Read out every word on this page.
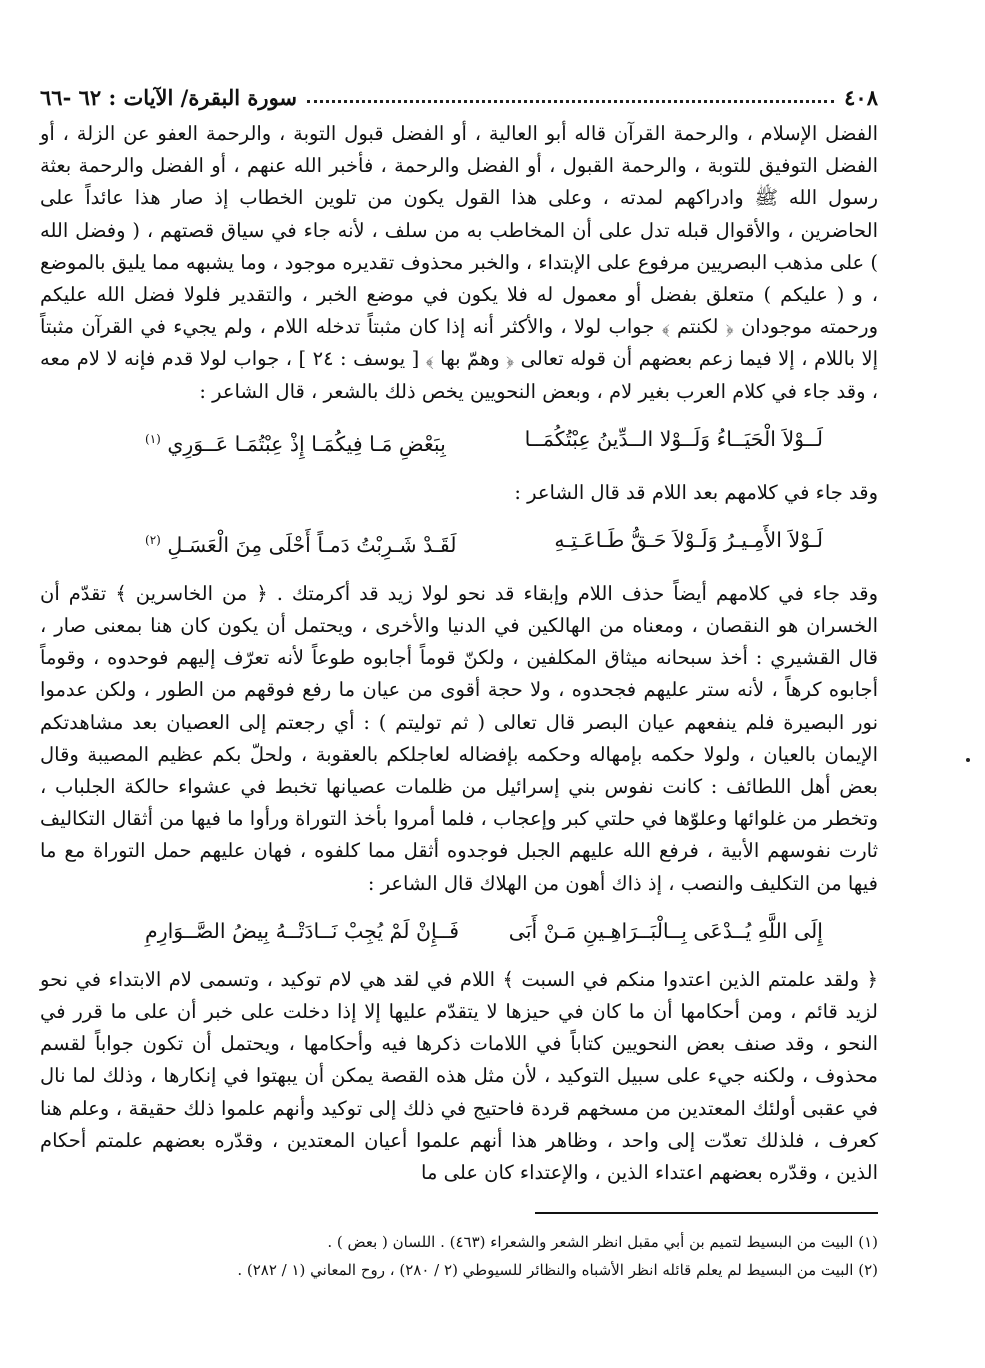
٤٠٨
سورة البقرة/ الآيات : ٦٢ -٦٦

الفضل الإسلام ، والرحمة القرآن قاله أبو العالية ، أو الفضل قبول التوبة ، والرحمة العفو عن الزلة ، أو الفضل التوفيق للتوبة ، والرحمة القبول ، أو الفضل والرحمة ، فأخبر الله عنهم ، أو الفضل والرحمة بعثة رسول الله ﷺ وادراكهم لمدته ، وعلى هذا القول يكون من تلوين الخطاب إذ صار هذا عائداً على الحاضرين ، والأقوال قبله تدل على أن المخاطب به من سلف ، لأنه جاء في سياق قصتهم ، ( وفضل الله ) على مذهب البصريين مرفوع على الإبتداء ، والخبر محذوف تقديره موجود ، وما يشبهه مما يليق بالموضع ، و ( عليكم ) متعلق بفضل أو معمول له فلا يكون في موضع الخبر ، والتقدير فلولا فضل الله عليكم ورحمته موجودان ﴿ لكنتم ﴾ جواب لولا ، والأكثر أنه إذا كان مثبتاً تدخله اللام ، ولم يجيء في القرآن مثبتاً إلا باللام ، إلا فيما زعم بعضهم أن قوله تعالى ﴿ وهمّ بها ﴾ [ يوسف : ٢٤ ] ، جواب لولا قدم فإنه لا لام معه ، وقد جاء في كلام العرب بغير لام ، وبعض النحويين يخص ذلك بالشعر ، قال الشاعر :

لَــوْلاَ الْحَيَــاءُ وَلَــوْلا الــدِّينُ عِبْتُكُمَــا
بِبَعْضِ مَـا فِيكُمَـا إِذْ عِبْتُمَـا عَــوَرِي $^{(١)}$

وقد جاء في كلامهم بعد اللام قد قال الشاعر :

لَـوْلاَ الأَمِـيـرُ وَلَـوْلاَ حَـقُّ طَـاعَـتِـهِ
لَقَـدْ شَـرِبْتُ دَمـاً أَحْلَى مِنَ الْعَسَـلِ $^{(٢)}$

وقد جاء في كلامهم أيضاً حذف اللام وإبقاء قد نحو لولا زيد قد أكرمتك . ﴿ من الخاسرين ﴾ تقدّم أن الخسران هو النقصان ، ومعناه من الهالكين في الدنيا والأخرى ، ويحتمل أن يكون كان هنا بمعنى صار ، قال القشيري : أخذ سبحانه ميثاق المكلفين ، ولكنّ قوماً أجابوه طوعاً لأنه تعرّف إليهم فوحدوه ، وقوماً أجابوه كرهاً ، لأنه ستر عليهم فجحدوه ، ولا حجة أقوى من عيان ما رفع فوقهم من الطور ، ولكن عدموا نور البصيرة فلم ينفعهم عيان البصر قال تعالى ( ثم توليتم ) : أي رجعتم إلى العصيان بعد مشاهدتكم الإيمان بالعيان ، ولولا حكمه بإمهاله وحكمه بإفضاله لعاجلكم بالعقوبة ، ولحلّ بكم عظيم المصيبة وقال بعض أهل اللطائف : كانت نفوس بني إسرائيل من ظلمات عصيانها تخبط في عشواء حالكة الجلباب ، وتخطر من غلوائها وعلوّها في حلتي كبر وإعجاب ، فلما أمروا بأخذ التوراة ورأوا ما فيها من أثقال التكاليف ثارت نفوسهم الأبية ، فرفع الله عليهم الجبل فوجدوه أثقل مما كلفوه ، فهان عليهم حمل التوراة مع ما فيها من التكليف والنصب ، إذ ذاك أهون من الهلاك قال الشاعر :

إِلَى اللَّهِ يُــدْعَى بِــالْبَــرَاهِـينِ مَـنْ أَبَى
فَــإِنْ لَمْ يُجِبْ نَــادَتْــهُ بِيضُ الصَّــوَارِمِ

﴿ ولقد علمتم الذين اعتدوا منكم في السبت ﴾ اللام في لقد هي لام توكيد ، وتسمى لام الابتداء في نحو لزيد قائم ، ومن أحكامها أن ما كان في حيزها لا يتقدّم عليها إلا إذا دخلت على خبر أن على ما قرر في النحو ، وقد صنف بعض النحويين كتاباً في اللامات ذكرها فيه وأحكامها ، ويحتمل أن تكون جواباً لقسم محذوف ، ولكنه جيء على سبيل التوكيد ، لأن مثل هذه القصة يمكن أن يبهتوا في إنكارها ، وذلك لما نال في عقبى أولئك المعتدين من مسخهم قردة فاحتيج في ذلك إلى توكيد وأنهم علموا ذلك حقيقة ، وعلم هنا كعرف ، فلذلك تعدّت إلى واحد ، وظاهر هذا أنهم علموا أعيان المعتدين ، وقدّره بعضهم علمتم أحكام الذين ، وقدّره بعضهم اعتداء الذين ، والإعتداء كان على ما

(١) البيت من البسيط لتميم بن أبي مقبل انظر الشعر والشعراء (٤٦٣) . اللسان ( بعض ) .

(٢) البيت من البسيط لم يعلم قائله انظر الأشباه والنظائر للسيوطي (٢ / ٢٨٠) ، روح المعاني (١ / ٢٨٢) .
